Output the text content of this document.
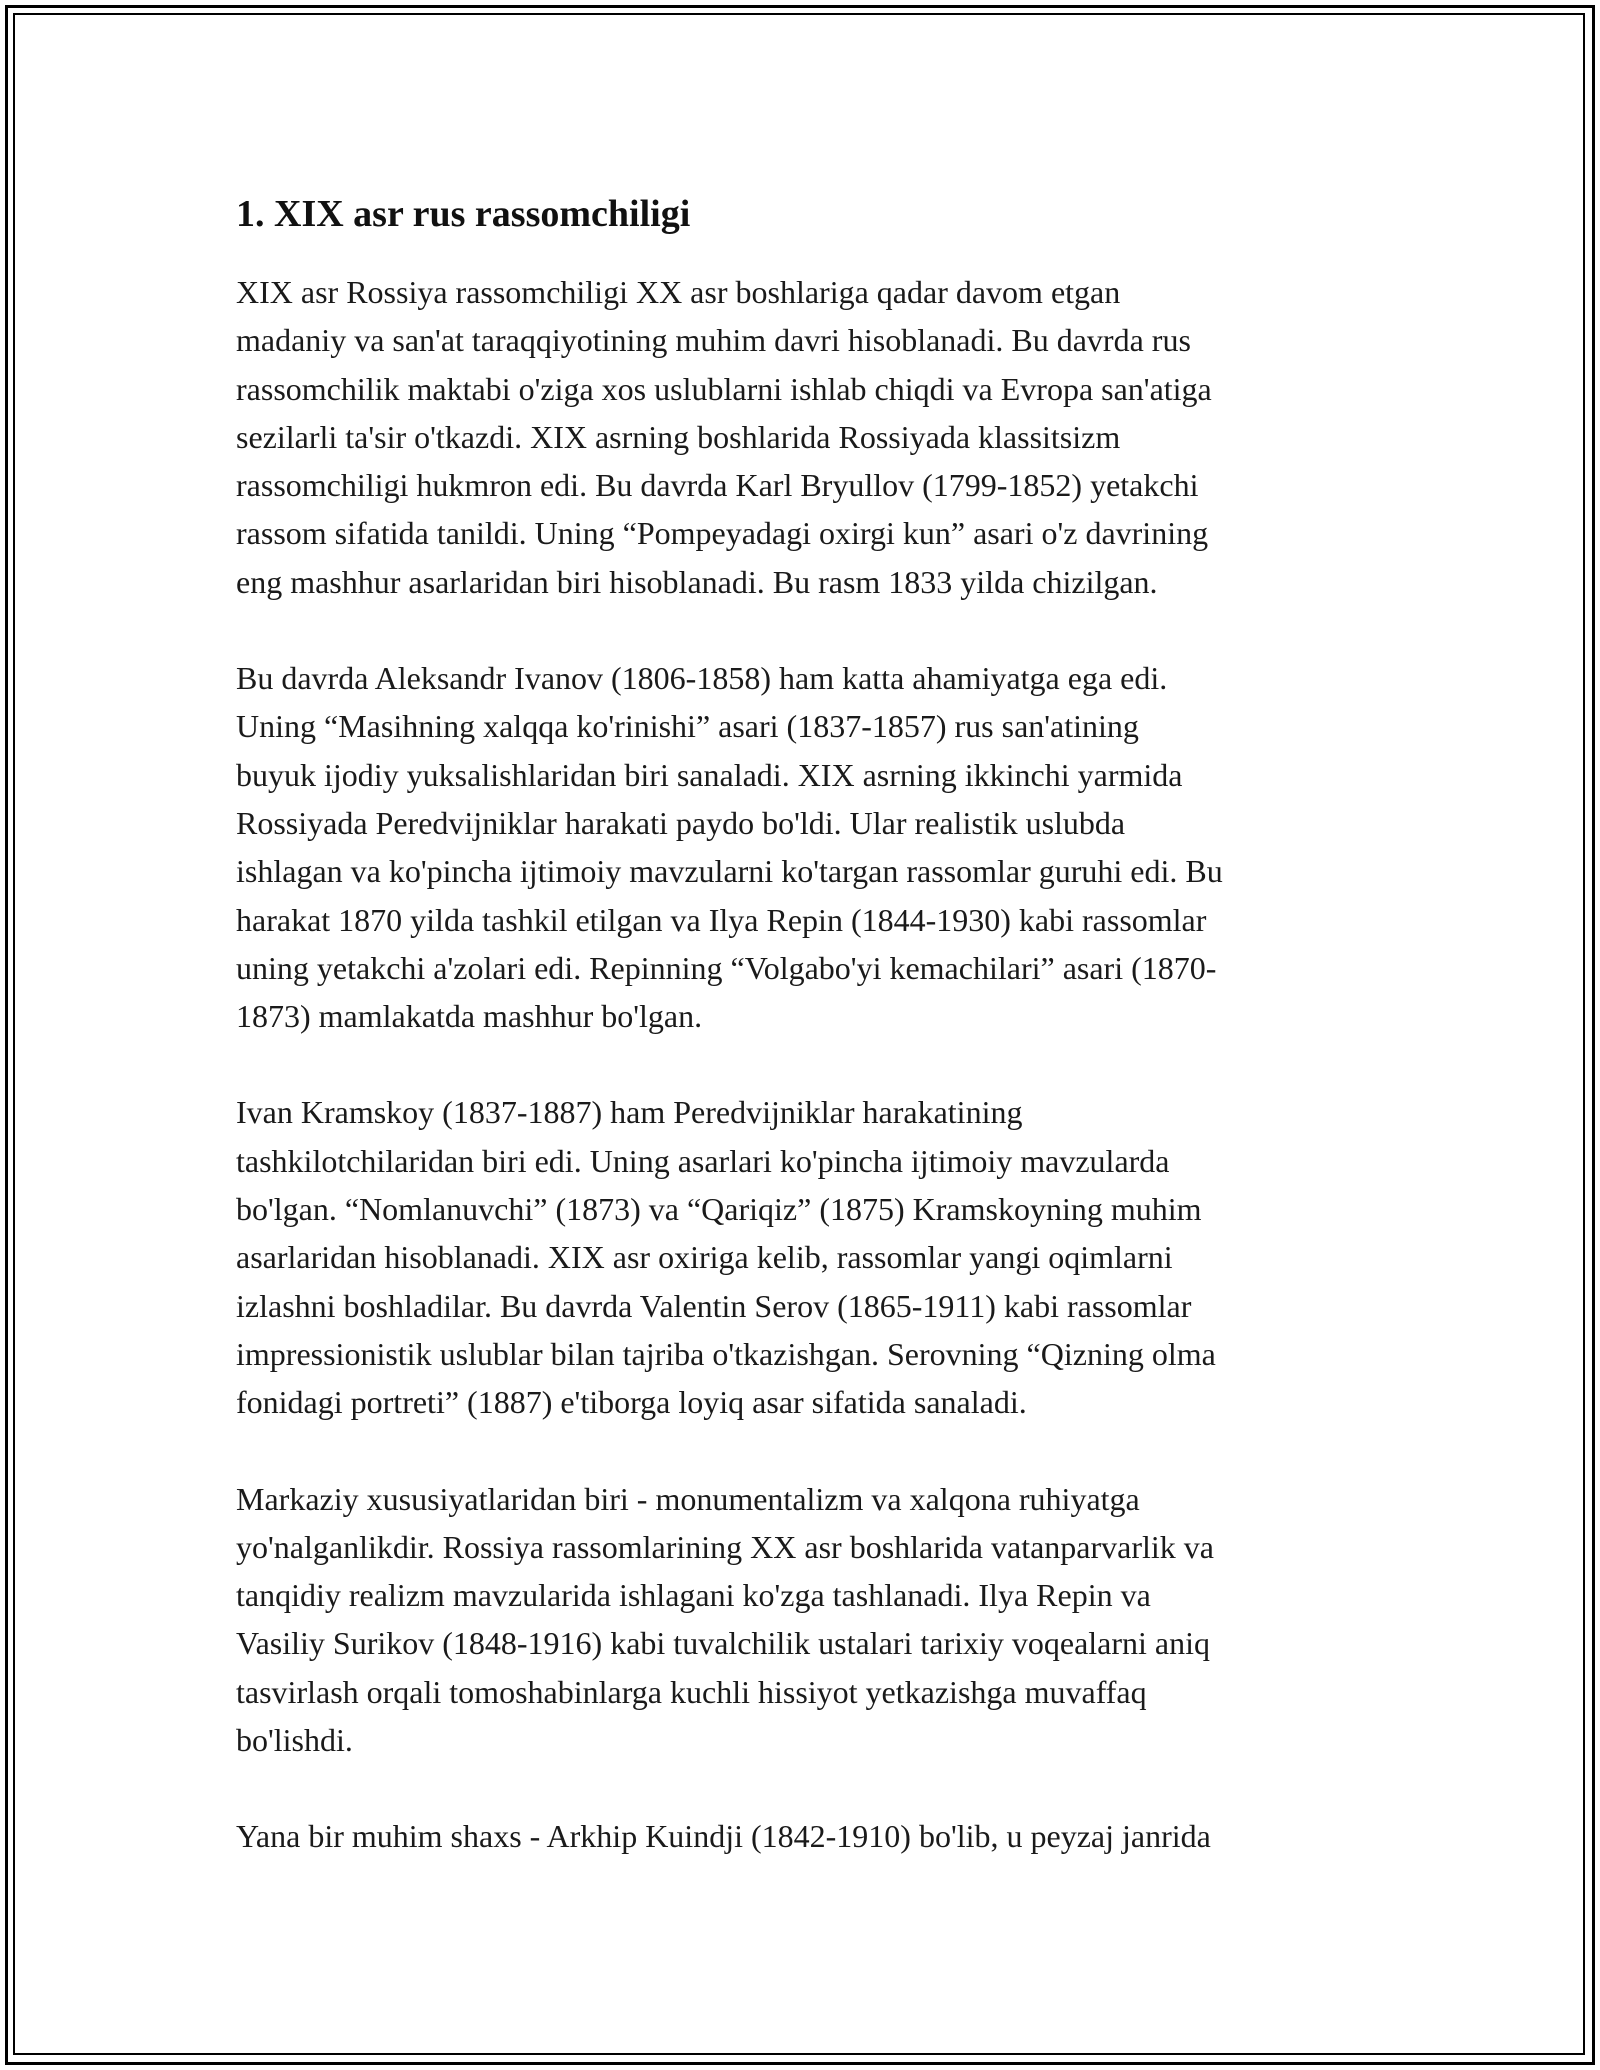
1. XIX asr rus rassomchiligi

XIX asr Rossiya rassomchiligi XX asr boshlariga qadar davom etgan
madaniy va san'at taraqqiyotining muhim davri hisoblanadi. Bu davrda rus
rassomchilik maktabi o'ziga xos uslublarni ishlab chiqdi va Evropa san'atiga
sezilarli ta'sir o'tkazdi. XIX asrning boshlarida Rossiyada klassitsizm
rassomchiligi hukmron edi. Bu davrda Karl Bryullov (1799-1852) yetakchi
rassom sifatida tanildi. Uning “Pompeyadagi oxirgi kun” asari o'z davrining
eng mashhur asarlaridan biri hisoblanadi. Bu rasm 1833 yilda chizilgan.

Bu davrda Aleksandr Ivanov (1806-1858) ham katta ahamiyatga ega edi.
Uning “Masihning xalqqa ko'rinishi” asari (1837-1857) rus san'atining
buyuk ijodiy yuksalishlaridan biri sanaladi. XIX asrning ikkinchi yarmida
Rossiyada Peredvijniklar harakati paydo bo'ldi. Ular realistik uslubda
ishlagan va ko'pincha ijtimoiy mavzularni ko'targan rassomlar guruhi edi. Bu
harakat 1870 yilda tashkil etilgan va Ilya Repin (1844-1930) kabi rassomlar
uning yetakchi a'zolari edi. Repinning “Volgabo'yi kemachilari” asari (1870-
1873) mamlakatda mashhur bo'lgan.

Ivan Kramskoy (1837-1887) ham Peredvijniklar harakatining
tashkilotchilaridan biri edi. Uning asarlari ko'pincha ijtimoiy mavzularda
bo'lgan. “Nomlanuvchi” (1873) va “Qariqiz” (1875) Kramskoyning muhim
asarlaridan hisoblanadi. XIX asr oxiriga kelib, rassomlar yangi oqimlarni
izlashni boshladilar. Bu davrda Valentin Serov (1865-1911) kabi rassomlar
impressionistik uslublar bilan tajriba o'tkazishgan. Serovning “Qizning olma
fonidagi portreti” (1887) e'tiborga loyiq asar sifatida sanaladi.

Markaziy xususiyatlaridan biri - monumentalizm va xalqona ruhiyatga
yo'nalganlikdir. Rossiya rassomlarining XX asr boshlarida vatanparvarlik va
tanqidiy realizm mavzularida ishlagani ko'zga tashlanadi. Ilya Repin va
Vasiliy Surikov (1848-1916) kabi tuvalchilik ustalari tarixiy voqealarni aniq
tasvirlash orqali tomoshabinlarga kuchli hissiyot yetkazishga muvaffaq
bo'lishdi.

Yana bir muhim shaxs - Arkhip Kuindji (1842-1910) bo'lib, u peyzaj janrida
